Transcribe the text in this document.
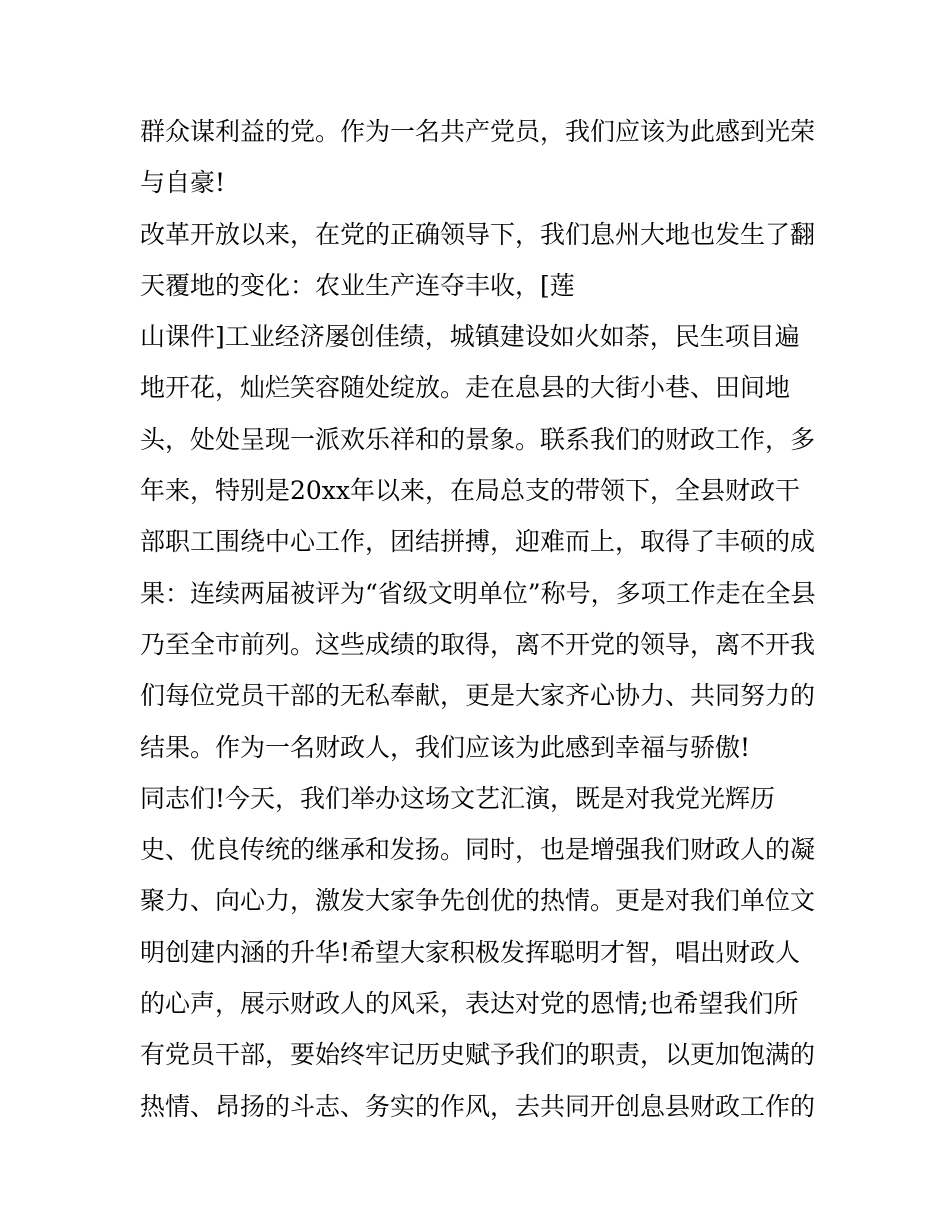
群众谋利益的党。作为一名共产党员，我们应该为此感到光荣
与自豪!
改革开放以来，在党的正确领导下，我们息州大地也发生了翻
天覆地的变化：农业生产连夺丰收，[莲
山课件]工业经济屡创佳绩，城镇建设如火如荼，民生项目遍
地开花，灿烂笑容随处绽放。走在息县的大街小巷、田间地
头，处处呈现一派欢乐祥和的景象。联系我们的财政工作，多
年来，特别是20xx年以来，在局总支的带领下，全县财政干
部职工围绕中心工作，团结拼搏，迎难而上，取得了丰硕的成
果：连续两届被评为“省级文明单位”称号，多项工作走在全县
乃至全市前列。这些成绩的取得，离不开党的领导，离不开我
们每位党员干部的无私奉献，更是大家齐心协力、共同努力的
结果。作为一名财政人，我们应该为此感到幸福与骄傲!
同志们!今天，我们举办这场文艺汇演，既是对我党光辉历
史、优良传统的继承和发扬。同时，也是增强我们财政人的凝
聚力、向心力，激发大家争先创优的热情。更是对我们单位文
明创建内涵的升华!希望大家积极发挥聪明才智，唱出财政人
的心声，展示财政人的风采，表达对党的恩情;也希望我们所
有党员干部，要始终牢记历史赋予我们的职责，以更加饱满的
热情、昂扬的斗志、务实的作风，去共同开创息县财政工作的
